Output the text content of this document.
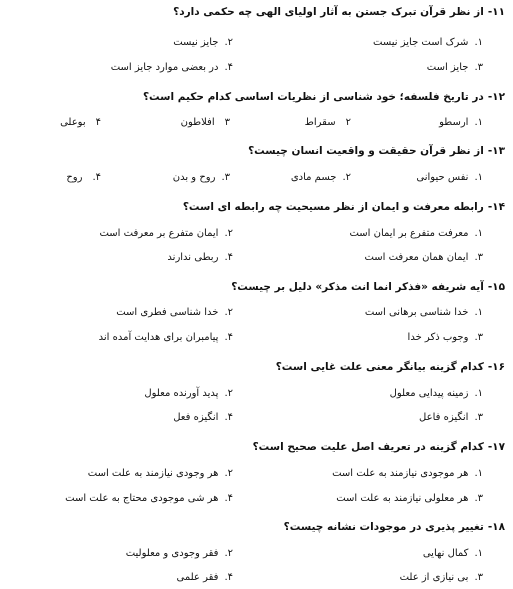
۱۱-از نظر قرآن تبرک جستن به آثار اولیای الهی چه حکمی دارد؟
۱.شرک است جایز نیست
۲.جایز نیست
۳.جایز است
۴.در بعضی موارد جایز است
۱۲-در تاریخ فلسفه؛ خود شناسی از نظریات اساسی کدام حکیم است؟
۱.ارسطو
۲سقراط
۳افلاطون
۴بوعلی
۱۳-از نظر قرآن حقیقت و واقعیت انسان چیست؟
۱.نفس حیوانی
۲.جسم مادی
۳.روح و بدن
۴.روح
۱۴-رابطه معرفت و ایمان از نظر مسیحیت چه رابطه ای است؟
۱.معرفت متفرع بر ایمان است
۲.ایمان متفرع بر معرفت است
۳.ایمان همان معرفت است
۴.ربطی ندارند
۱۵-آیه شریفه «فذکر انما انت مذکر» دلیل بر چیست؟
۱.خدا شناسی برهانی است
۲.خدا شناسی فطری است
۳.وجوب ذکر خدا
۴.پیامبران برای هدایت آمده اند
۱۶-کدام گزینه بیانگر معنی علت غایی است؟
۱.زمینه پیدایی معلول
۲.پدید آورنده معلول
۳.انگیزه فاعل
۴.انگیزه فعل
۱۷-کدام گزینه در تعریف اصل علیت صحیح است؟
۱.هر موجودی نیازمند به علت است
۲.هر وجودی نیازمند به علت است
۳.هر معلولی نیازمند به علت است
۴.هر شی موجودی محتاج به علت است
۱۸-تغییر پذیری در موجودات نشانه چیست؟
۱.کمال نهایی
۲.فقر وجودی و معلولیت
۳.بی نیازی از علت
۴.فقر علمی
